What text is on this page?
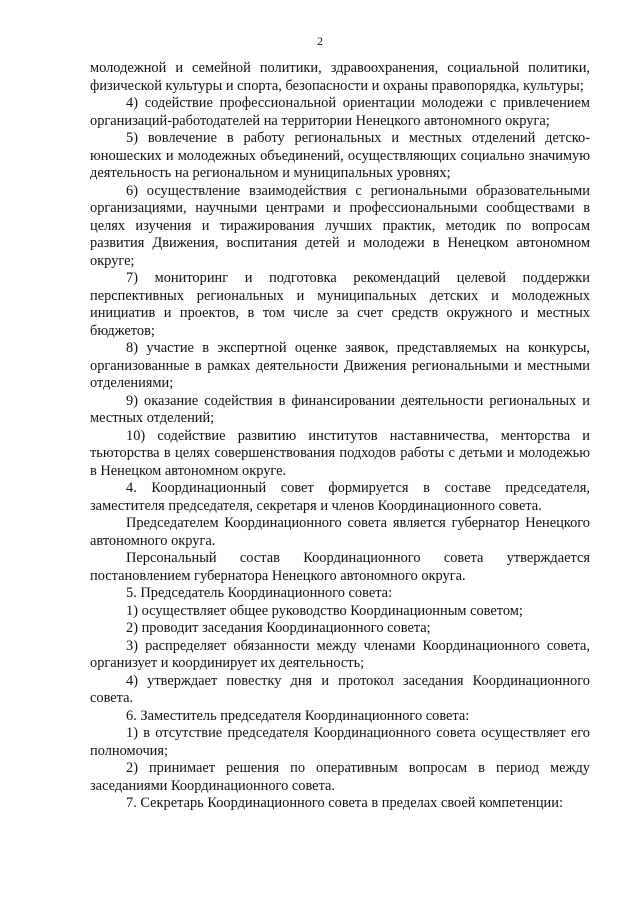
2

молодежной и семейной политики, здравоохранения, социальной политики, физической культуры и спорта, безопасности и охраны правопорядка, культуры;

4) содействие профессиональной ориентации молодежи с привлечением организаций-работодателей на территории Ненецкого автономного округа;

5) вовлечение в работу региональных и местных отделений детско-юношеских и молодежных объединений, осуществляющих социально значимую деятельность на региональном и муниципальных уровнях;

6) осуществление взаимодействия с региональными образовательными организациями, научными центрами и профессиональными сообществами в целях изучения и тиражирования лучших практик, методик по вопросам развития Движения, воспитания детей и молодежи в Ненецком автономном округе;

7) мониторинг и подготовка рекомендаций целевой поддержки перспективных региональных и муниципальных детских и молодежных инициатив и проектов, в том числе за счет средств окружного и местных бюджетов;

8) участие в экспертной оценке заявок, представляемых на конкурсы, организованные в рамках деятельности Движения региональными и местными отделениями;

9) оказание содействия в финансировании деятельности региональных и местных отделений;

10) содействие развитию институтов наставничества, менторства и тьюторства в целях совершенствования подходов работы с детьми и молодежью в Ненецком автономном округе.

4. Координационный совет формируется в составе председателя, заместителя председателя, секретаря и членов Координационного совета.

Председателем Координационного совета является губернатор Ненецкого автономного округа.

Персональный состав Координационного совета утверждается постановлением губернатора Ненецкого автономного округа.

5. Председатель Координационного совета:

1) осуществляет общее руководство Координационным советом;

2) проводит заседания Координационного совета;

3) распределяет обязанности между членами Координационного совета, организует и координирует их деятельность;

4) утверждает повестку дня и протокол заседания Координационного совета.

6. Заместитель председателя Координационного совета:

1) в отсутствие председателя Координационного совета осуществляет его полномочия;

2) принимает решения по оперативным вопросам в период между заседаниями Координационного совета.

7. Секретарь Координационного совета в пределах своей компетенции:
